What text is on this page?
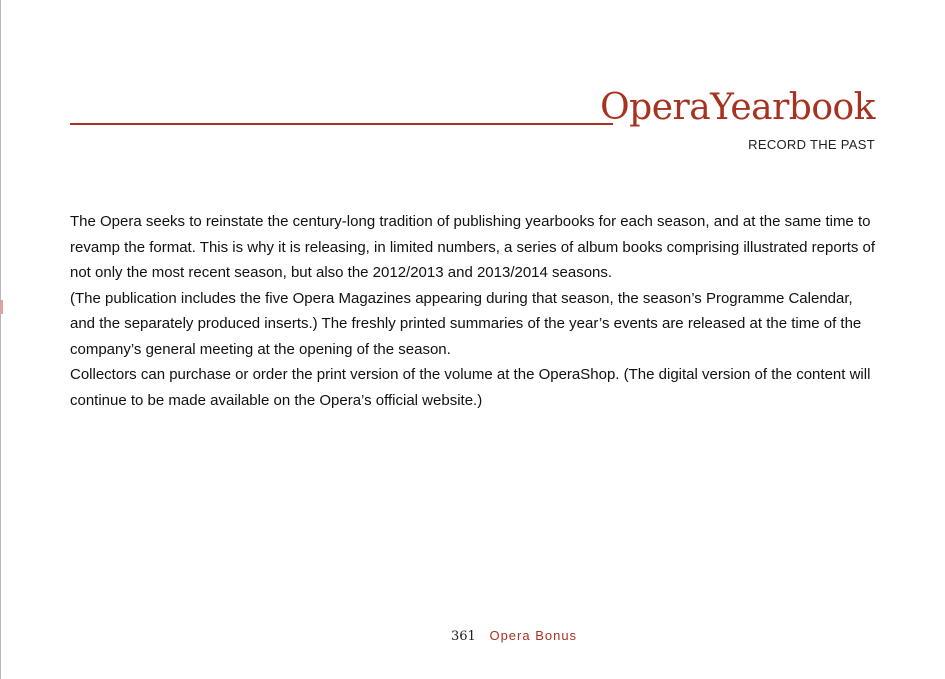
OperaYearbook
RECORD THE PAST

The Opera seeks to reinstate the century-long tradition of publishing yearbooks for each season, and at the same time to revamp the format. This is why it is releasing, in limited numbers, a series of album books comprising illustrated reports of not only the most recent season, but also the 2012/2013 and 2013/2014 seasons.

(The publication includes the five Opera Magazines appearing during that season, the season’s Programme Calendar, and the separately produced inserts.) The freshly printed summaries of the year’s events are released at the time of the company’s general meeting at the opening of the season.

Collectors can purchase or order the print version of the volume at the OperaShop. (The digital version of the content will continue to be made available on the Opera’s official website.)

361 Opera Bonus
